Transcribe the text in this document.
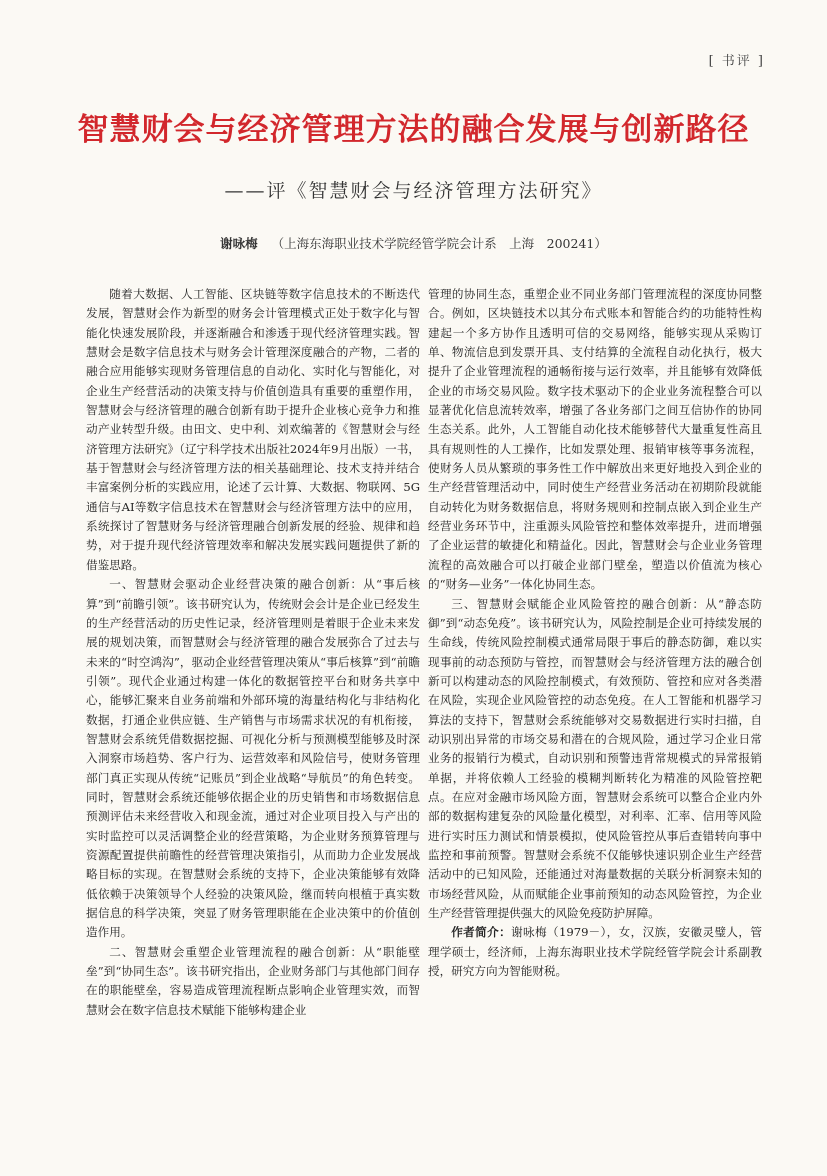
[ 书评 ]
智慧财会与经济管理方法的融合发展与创新路径
——评《智慧财会与经济管理方法研究》
谢咏梅 （上海东海职业技术学院经管学院会计系　上海　200241）

随着大数据、人工智能、区块链等数字信息技术的不断迭代发展，智慧财会作为新型的财务会计管理模式正处于数字化与智能化快速发展阶段，并逐渐融合和渗透于现代经济管理实践。智慧财会是数字信息技术与财务会计管理深度融合的产物，二者的融合应用能够实现财务管理信息的自动化、实时化与智能化，对企业生产经营活动的决策支持与价值创造具有重要的重塑作用，智慧财会与经济管理的融合创新有助于提升企业核心竞争力和推动产业转型升级。由田文、史中利、刘欢编著的《智慧财会与经济管理方法研究》（辽宁科学技术出版社2024年9月出版）一书，基于智慧财会与经济管理方法的相关基础理论、技术支持并结合丰富案例分析的实践应用，论述了云计算、大数据、物联网、5G通信与AI等数字信息技术在智慧财会与经济管理方法中的应用，系统探讨了智慧财务与经济管理融合创新发展的经验、规律和趋势，对于提升现代经济管理效率和解决发展实践问题提供了新的借鉴思路。

一、智慧财会驱动企业经营决策的融合创新：从“事后核算”到“前瞻引领”。该书研究认为，传统财会会计是企业已经发生的生产经营活动的历史性记录，经济管理则是着眼于企业未来发展的规划决策，而智慧财会与经济管理的融合发展弥合了过去与未来的“时空鸿沟”，驱动企业经营管理决策从“事后核算”到“前瞻引领”。现代企业通过构建一体化的数据管控平台和财务共享中心，能够汇聚来自业务前端和外部环境的海量结构化与非结构化数据，打通企业供应链、生产销售与市场需求状况的有机衔接，智慧财会系统凭借数据挖掘、可视化分析与预测模型能够及时深入洞察市场趋势、客户行为、运营效率和风险信号，使财务管理部门真正实现从传统“记账员”到企业战略“导航员”的角色转变。同时，智慧财会系统还能够依据企业的历史销售和市场数据信息预测评估未来经营收入和现金流，通过对企业项目投入与产出的实时监控可以灵活调整企业的经营策略，为企业财务预算管理与资源配置提供前瞻性的经营管理决策指引，从而助力企业发展战略目标的实现。在智慧财会系统的支持下，企业决策能够有效降低依赖于决策领导个人经验的决策风险，继而转向根植于真实数据信息的科学决策，突显了财务管理职能在企业决策中的价值创造作用。

二、智慧财会重塑企业管理流程的融合创新：从“职能壁垒”到“协同生态”。该书研究指出，企业财务部门与其他部门间存在的职能壁垒，容易造成管理流程断点影响企业管理实效，而智慧财会在数字信息技术赋能下能够构建企业

管理的协同生态，重塑企业不同业务部门管理流程的深度协同整合。例如，区块链技术以其分布式账本和智能合约的功能特性构建起一个多方协作且透明可信的交易网络，能够实现从采购订单、物流信息到发票开具、支付结算的全流程自动化执行，极大提升了企业管理流程的通畅衔接与运行效率，并且能够有效降低企业的市场交易风险。数字技术驱动下的企业业务流程整合可以显著优化信息流转效率，增强了各业务部门之间互信协作的协同生态关系。此外，人工智能自动化技术能够替代大量重复性高且具有规则性的人工操作，比如发票处理、报销审核等事务流程，使财务人员从繁琐的事务性工作中解放出来更好地投入到企业的生产经营管理活动中，同时使生产经营业务活动在初期阶段就能自动转化为财务数据信息，将财务规则和控制点嵌入到企业生产经营业务环节中，注重源头风险管控和整体效率提升，进而增强了企业运营的敏捷化和精益化。因此，智慧财会与企业业务管理流程的高效融合可以打破企业部门壁垒，塑造以价值流为核心的“财务—业务”一体化协同生态。

三、智慧财会赋能企业风险管控的融合创新：从“静态防御”到“动态免疫”。该书研究认为，风险控制是企业可持续发展的生命线，传统风险控制模式通常局限于事后的静态防御，难以实现事前的动态预防与管控，而智慧财会与经济管理方法的融合创新可以构建动态的风险控制模式，有效预防、管控和应对各类潜在风险，实现企业风险管控的动态免疫。在人工智能和机器学习算法的支持下，智慧财会系统能够对交易数据进行实时扫描，自动识别出异常的市场交易和潜在的合规风险，通过学习企业日常业务的报销行为模式，自动识别和预警违背常规模式的异常报销单据，并将依赖人工经验的模糊判断转化为精准的风险管控靶点。在应对金融市场风险方面，智慧财会系统可以整合企业内外部的数据构建复杂的风险量化模型，对利率、汇率、信用等风险进行实时压力测试和情景模拟，使风险管控从事后查错转向事中监控和事前预警。智慧财会系统不仅能够快速识别企业生产经营活动中的已知风险，还能通过对海量数据的关联分析洞察未知的市场经营风险，从而赋能企业事前预知的动态风险管控，为企业生产经营管理提供强大的风险免疫防护屏障。

作者简介：谢咏梅（1979－），女，汉族，安徽灵璧人，管理学硕士，经济师，上海东海职业技术学院经管学院会计系副教授，研究方向为智能财税。
